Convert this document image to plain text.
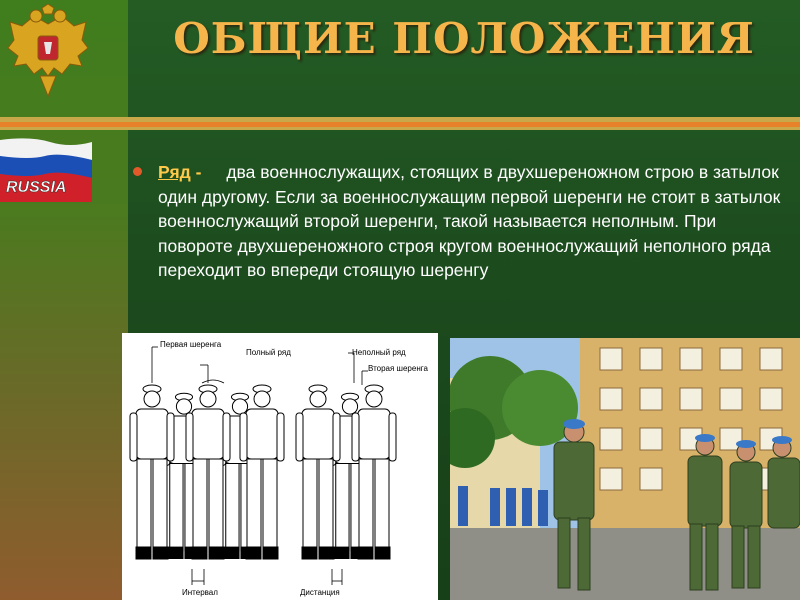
RUSSIA
ОБЩИЕ ПОЛОЖЕНИЯ
Ряд - два военнослужащих, стоящих в двухшереножном строю в затылок один другому. Если за военнослужащим первой шеренги не стоит в затылок военнослужащий второй шеренги, такой называется неполным. При повороте двухшереножного строя кругом военнослужащий неполного ряда переходит во впереди стоящую шеренгу
Первая шеренга
Полный ряд	Неполный ряд
Вторая шеренга
Интервал	Дистанция
